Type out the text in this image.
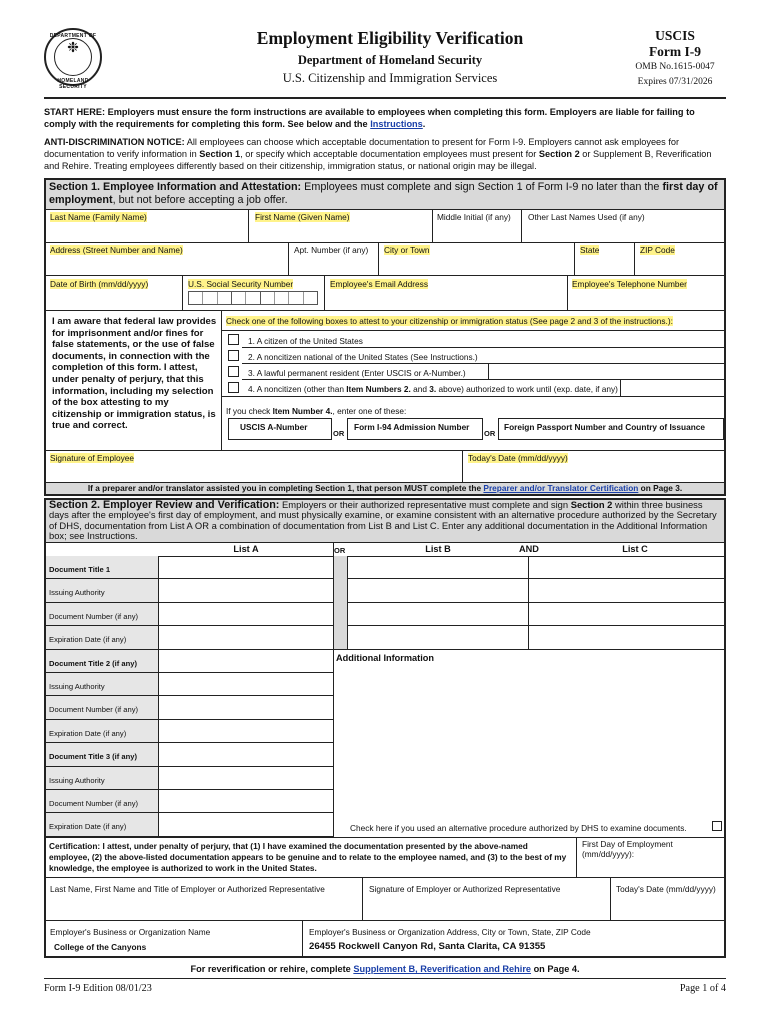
DEPARTMENT OF
❉
HOMELAND SECURITY
Employment Eligibility Verification
Department of Homeland Security
U.S. Citizenship and Immigration Services
USCIS
Form I-9
OMB No.1615-0047
Expires 07/31/2026
START HERE: Employers must ensure the form instructions are available to employees when completing this form. Employers are liable for failing to comply with the requirements for completing this form. See below and the Instructions.
ANTI-DISCRIMINATION NOTICE: All employees can choose which acceptable documentation to present for Form I-9. Employers cannot ask employees for documentation to verify information in Section 1, or specify which acceptable documentation employees must present for Section 2 or Supplement B, Reverification and Rehire. Treating employees differently based on their citizenship, immigration status, or national origin may be illegal.
Section 1. Employee Information and Attestation: Employees must complete and sign Section 1 of Form I-9 no later than the first day of employment, but not before accepting a job offer.
Last Name (Family Name)	First Name (Given Name)	Middle Initial (if any) Other Last Names Used (if any)
Address (Street Number and Name)	Apt. Number (if any) City or Town	State	ZIP Code
Date of Birth (mm/dd/yyyy)	U.S. Social Security Number	Employee's Email Address	Employee's Telephone Number
I am aware that federal law provides for imprisonment and/or fines for false statements, or the use of false documents, in connection with the completion of this form. I attest, under penalty of perjury, that this information, including my selection of the box attesting to my citizenship or immigration status, is true and correct.
Check one of the following boxes to attest to your citizenship or immigration status (See page 2 and 3 of the instructions.):
1. A citizen of the United States
2. A noncitizen national of the United States (See Instructions.)
3. A lawful permanent resident (Enter USCIS or A-Number.)
4. A noncitizen (other than Item Numbers 2. and 3. above) authorized to work until (exp. date, if any)
If you check Item Number 4., enter one of these:
USCIS A-Number
OR
Form I-94 Admission Number
OR
Foreign Passport Number and Country of Issuance
Signature of Employee	Today's Date (mm/dd/yyyy)
If a preparer and/or translator assisted you in completing Section 1, that person MUST complete the Preparer and/or Translator Certification on Page 3.
Section 2. Employer Review and Verification: Employers or their authorized representative must complete and sign Section 2 within three business days after the employee's first day of employment, and must physically examine, or examine consistent with an alternative procedure authorized by the Secretary of DHS, documentation from List A OR a combination of documentation from List B and List C. Enter any additional documentation in the Additional Information box; see Instructions.
List A	OR	List B	AND	List C
Document Title 1
Issuing Authority
Document Number (if any)
Expiration Date (if any)
Document Title 2 (if any)
Issuing Authority
Document Number (if any)
Expiration Date (if any)
Document Title 3 (if any)
Issuing Authority
Document Number (if any)
Expiration Date (if any)
Additional Information
Check here if you used an alternative procedure authorized by DHS to examine documents.
Certification: I attest, under penalty of perjury, that (1) I have examined the documentation presented by the above-named employee, (2) the above-listed documentation appears to be genuine and to relate to the employee named, and (3) to the best of my knowledge, the employee is authorized to work in the United States.
First Day of Employment (mm/dd/yyyy):
Last Name, First Name and Title of Employer or Authorized Representative	Signature of Employer or Authorized Representative	Today's Date (mm/dd/yyyy)
Employer's Business or Organization Name
College of the Canyons
Employer's Business or Organization Address, City or Town, State, ZIP Code
26455 Rockwell Canyon Rd, Santa Clarita, CA 91355
For reverification or rehire, complete Supplement B, Reverification and Rehire on Page 4.
Form I-9 Edition 08/01/23	Page 1 of 4
